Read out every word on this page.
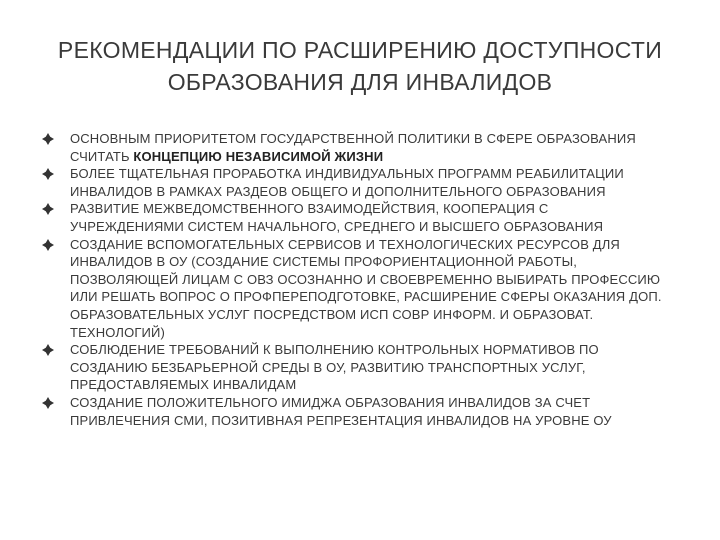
РЕКОМЕНДАЦИИ ПО РАСШИРЕНИЮ ДОСТУПНОСТИ
ОБРАЗОВАНИЯ ДЛЯ ИНВАЛИДОВ
ОСНОВНЫМ ПРИОРИТЕТОМ ГОСУДАРСТВЕННОЙ ПОЛИТИКИ В СФЕРЕ ОБРАЗОВАНИЯ
СЧИТАТЬ КОНЦЕПЦИЮ НЕЗАВИСИМОЙ ЖИЗНИ
БОЛЕЕ ТЩАТЕЛЬНАЯ ПРОРАБОТКА ИНДИВИДУАЛЬНЫХ ПРОГРАММ РЕАБИЛИТАЦИИ
ИНВАЛИДОВ В РАМКАХ РАЗДЕОВ ОБЩЕГО И ДОПОЛНИТЕЛЬНОГО ОБРАЗОВАНИЯ
РАЗВИТИЕ МЕЖВЕДОМСТВЕННОГО ВЗАИМОДЕЙСТВИЯ, КООПЕРАЦИЯ С
УЧРЕЖДЕНИЯМИ СИСТЕМ НАЧАЛЬНОГО, СРЕДНЕГО И ВЫСШЕГО ОБРАЗОВАНИЯ
СОЗДАНИЕ ВСПОМОГАТЕЛЬНЫХ СЕРВИСОВ И ТЕХНОЛОГИЧЕСКИХ РЕСУРСОВ ДЛЯ
ИНВАЛИДОВ В ОУ (СОЗДАНИЕ СИСТЕМЫ ПРОФОРИЕНТАЦИОННОЙ РАБОТЫ,
ПОЗВОЛЯЮЩЕЙ ЛИЦАМ С ОВЗ ОСОЗНАННО И СВОЕВРЕМЕННО ВЫБИРАТЬ ПРОФЕССИЮ
ИЛИ РЕШАТЬ ВОПРОС О ПРОФПЕРЕПОДГОТОВКЕ, РАСШИРЕНИЕ СФЕРЫ ОКАЗАНИЯ ДОП.
ОБРАЗОВАТЕЛЬНЫХ УСЛУГ ПОСРЕДСТВОМ ИСП СОВР ИНФОРМ. И ОБРАЗОВАТ.
ТЕХНОЛОГИЙ)
СОБЛЮДЕНИЕ ТРЕБОВАНИЙ К ВЫПОЛНЕНИЮ КОНТРОЛЬНЫХ НОРМАТИВОВ ПО
СОЗДАНИЮ БЕЗБАРЬЕРНОЙ СРЕДЫ В ОУ, РАЗВИТИЮ ТРАНСПОРТНЫХ УСЛУГ,
ПРЕДОСТАВЛЯЕМЫХ ИНВАЛИДАМ
СОЗДАНИЕ ПОЛОЖИТЕЛЬНОГО ИМИДЖА ОБРАЗОВАНИЯ ИНВАЛИДОВ ЗА СЧЕТ
ПРИВЛЕЧЕНИЯ СМИ, ПОЗИТИВНАЯ РЕПРЕЗЕНТАЦИЯ ИНВАЛИДОВ НА УРОВНЕ ОУ
